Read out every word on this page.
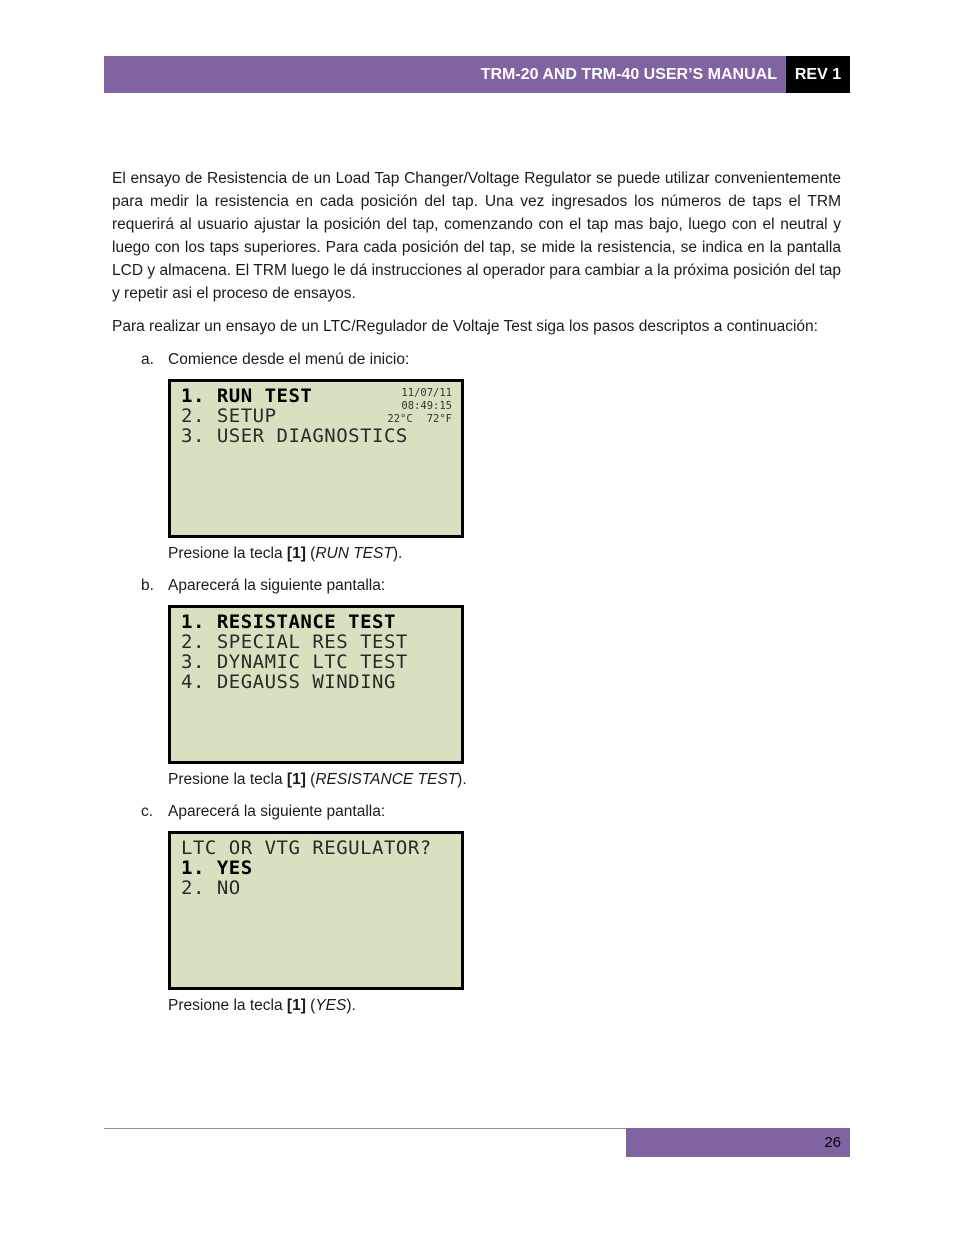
TRM-20 AND TRM-40 USER’S MANUAL	REV 1

El ensayo de Resistencia de un Load Tap Changer/Voltage Regulator se puede utilizar convenientemente para medir la resistencia en cada posición del tap. Una vez ingresados los números de taps el TRM requerirá al usuario ajustar la posición del tap, comenzando con el tap mas bajo, luego con el neutral y luego con los taps superiores. Para cada posición del tap, se mide la resistencia, se indica en la pantalla LCD y almacena. El TRM luego le dá instrucciones al operador para cambiar a la próxima posición del tap y repetir asi el proceso de ensayos.

Para realizar un ensayo de un LTC/Regulador de Voltaje Test siga los pasos descriptos a continuación:

a. Comience desde el menú de inicio:
1. RUN TEST
2. SETUP
3. USER DIAGNOSTICS
11/07/11
08:49:15
22°C 72°F
Presione la tecla [1] (RUN TEST).
b. Aparecerá la siguiente pantalla:
1. RESISTANCE TEST
2. SPECIAL RES TEST
3. DYNAMIC LTC TEST
4. DEGAUSS WINDING
Presione la tecla [1] (RESISTANCE TEST).
c. Aparecerá la siguiente pantalla:
LTC OR VTG REGULATOR?
1. YES
2. NO
Presione la tecla [1] (YES).
26
